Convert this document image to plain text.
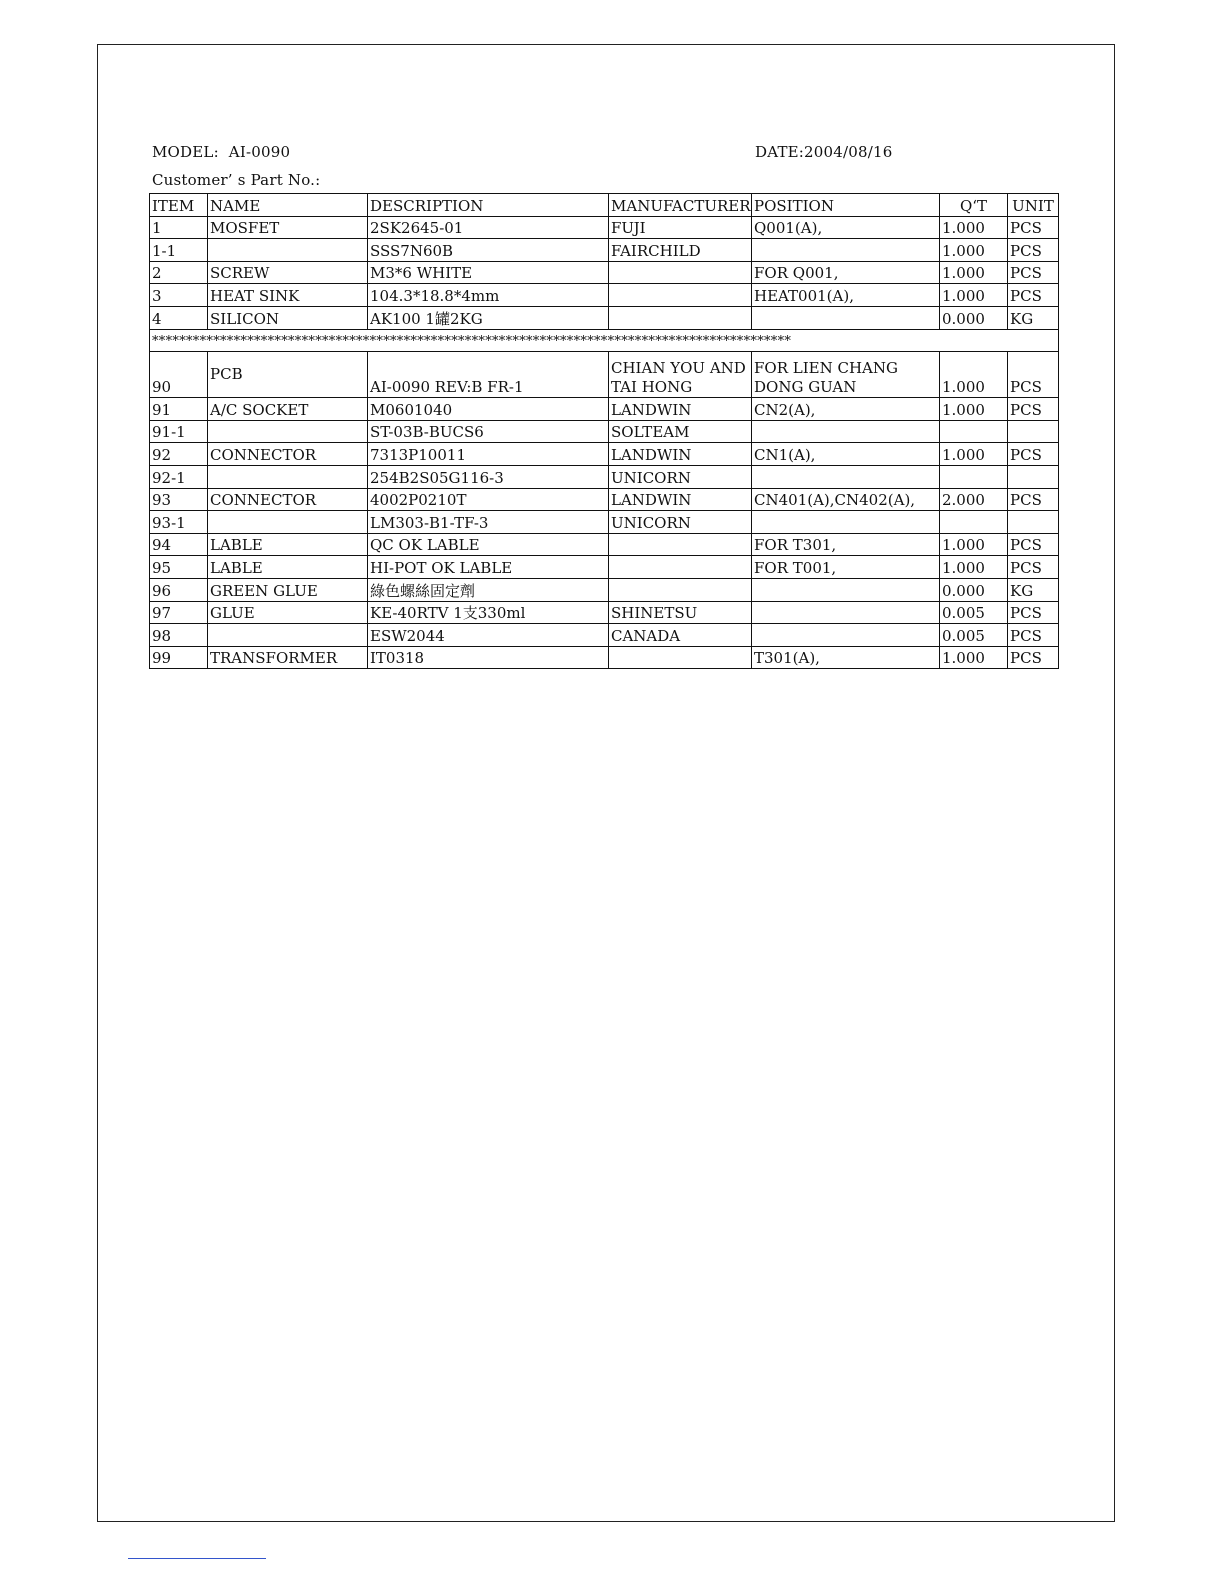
MODEL:  AI-0090	DATE:2004/08/16
Customer’ s Part No.:
ITEM	NAME	DESCRIPTION	MANUFACTURER	POSITION	Q‘T	UNIT
1	MOSFET	2SK2645-01	FUJI	Q001(A),	1.000	PCS
1-1		SSS7N60B	FAIRCHILD		1.000	PCS
2	SCREW	M3*6 WHITE		FOR Q001,	1.000	PCS
3	HEAT SINK	104.3*18.8*4mm		HEAT001(A),	1.000	PCS
4	SILICON	AK100 1罐2KG			0.000	KG
**********************************************************************************************						
90	PCB	AI-0090 REV:B FR-1	CHIAN YOU AND TAI HONG	FOR LIEN CHANG DONG GUAN	1.000	PCS
91	A/C SOCKET	M0601040	LANDWIN	CN2(A),	1.000	PCS
91-1		ST-03B-BUCS6	SOLTEAM			
92	CONNECTOR	7313P10011	LANDWIN	CN1(A),	1.000	PCS
92-1		254B2S05G116-3	UNICORN			
93	CONNECTOR	4002P0210T	LANDWIN	CN401(A),CN402(A),	2.000	PCS
93-1		LM303-B1-TF-3	UNICORN			
94	LABLE	QC OK LABLE		FOR T301,	1.000	PCS
95	LABLE	HI-POT OK LABLE		FOR T001,	1.000	PCS
96	GREEN GLUE	綠色螺絲固定劑			0.000	KG
97	GLUE	KE-40RTV 1支330ml	SHINETSU		0.005	PCS
98		ESW2044	CANADA		0.005	PCS
99	TRANSFORMER	IT0318		T301(A),	1.000	PCS
